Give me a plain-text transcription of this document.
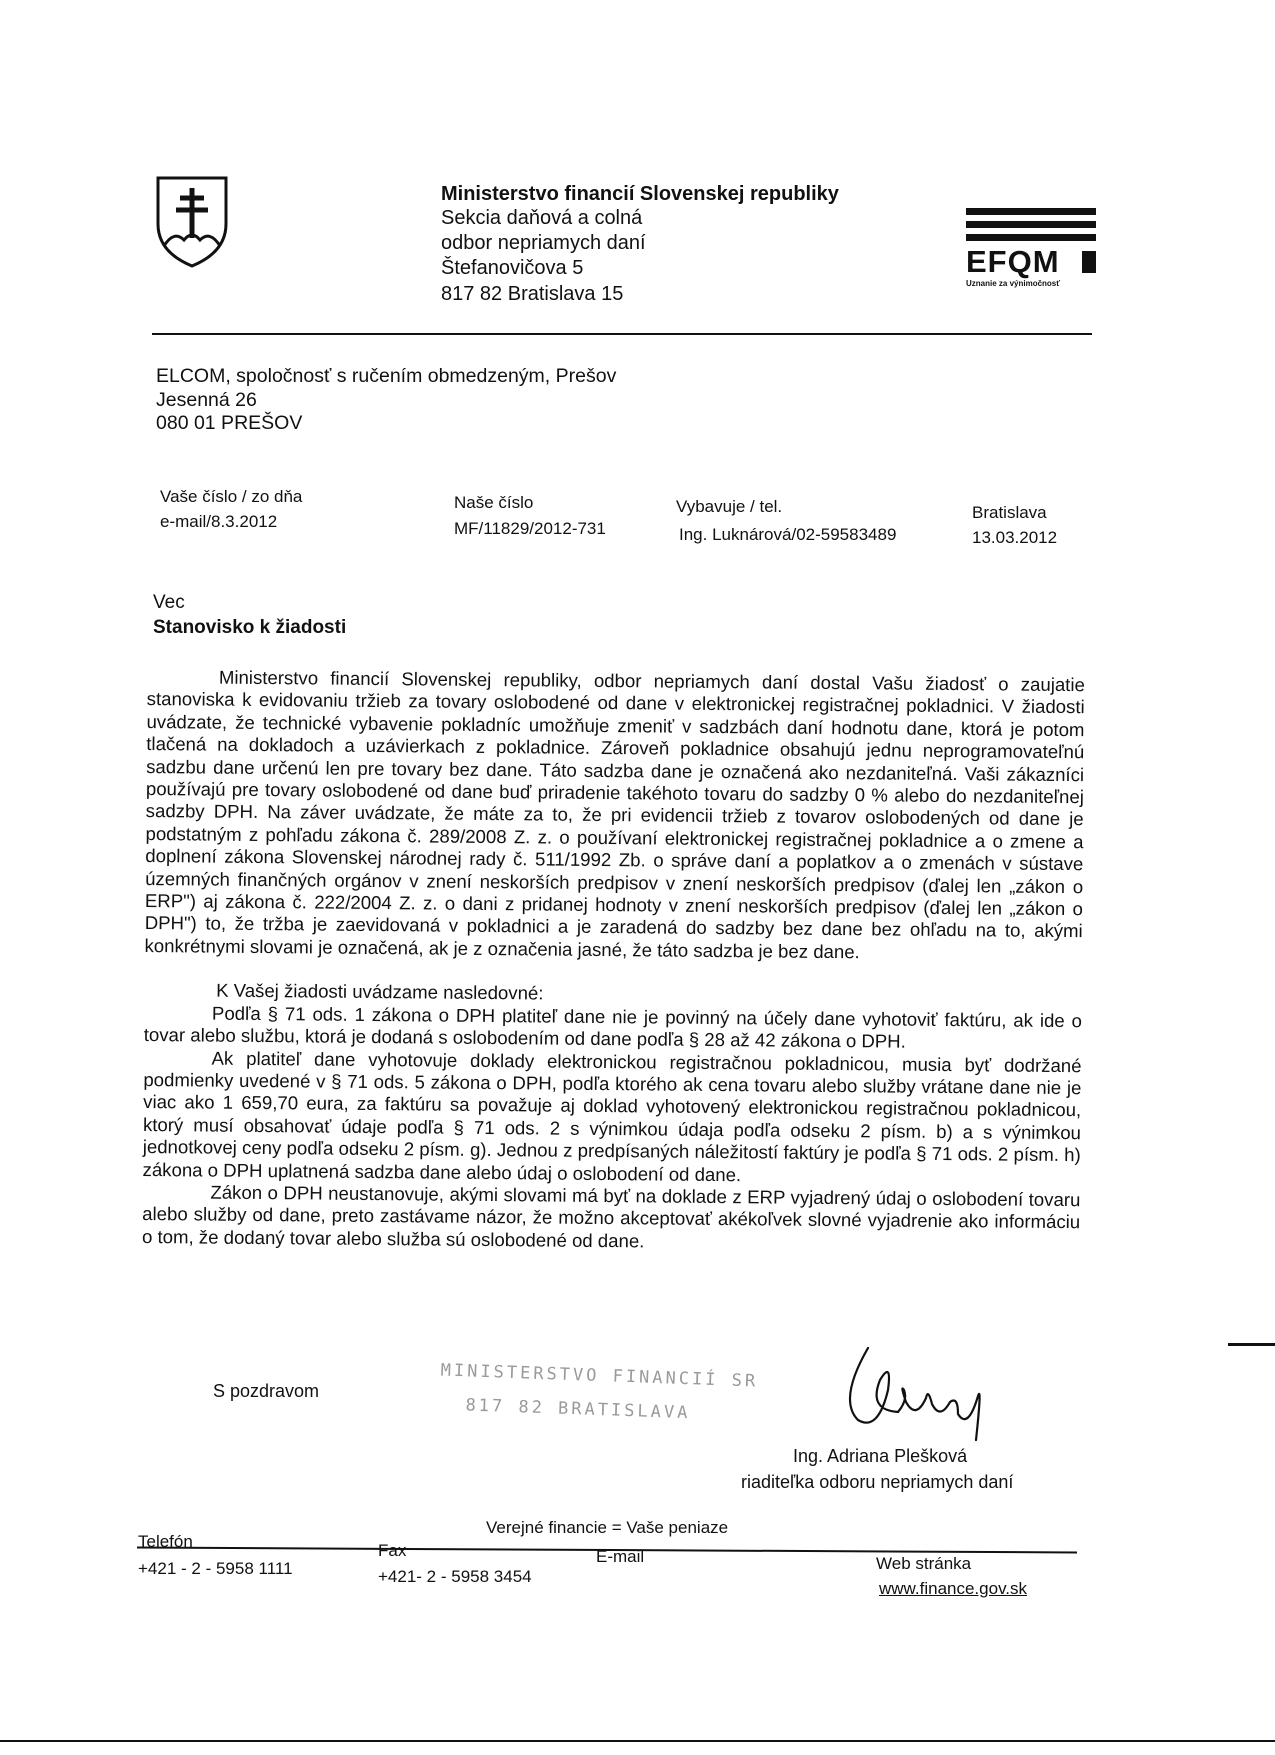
Ministerstvo financií Slovenskej republiky
Sekcia daňová a colná
odbor nepriamych daní
Štefanovičova 5
817 82 Bratislava 15
EFQM
Uznanie za výnimočnosť
ELCOM, spoločnosť s ručením obmedzeným, Prešov
Jesenná 26
080 01 PREŠOV
Vaše číslo / zo dňa
e-mail/8.3.2012
Naše číslo
MF/11829/2012-731
Vybavuje / tel.
Ing. Luknárová/02-59583489
Bratislava
13.03.2012
Vec
Stanovisko k žiadosti

Ministerstvo financií Slovenskej republiky, odbor nepriamych daní dostal Vašu žiadosť o zaujatie stanoviska k evidovaniu tržieb za tovary oslobodené od dane v elektronickej registračnej pokladnici. V žiadosti uvádzate, že technické vybavenie pokladníc umožňuje zmeniť v sadzbách daní hodnotu dane, ktorá je potom tlačená na dokladoch a uzávierkach z pokladnice. Zároveň pokladnice obsahujú jednu neprogramovateľnú sadzbu dane určenú len pre tovary bez dane. Táto sadzba dane je označená ako nezdaniteľná. Vaši zákazníci používajú pre tovary oslobodené od dane buď priradenie takéhoto tovaru do sadzby 0 % alebo do nezdaniteľnej sadzby DPH. Na záver uvádzate, že máte za to, že pri evidencii tržieb z tovarov oslobodených od dane je podstatným z pohľadu zákona č. 289/2008 Z. z. o používaní elektronickej registračnej pokladnice a o zmene a doplnení zákona Slovenskej národnej rady č. 511/1992 Zb. o správe daní a poplatkov a o zmenách v sústave územných finančných orgánov v znení neskorších predpisov v znení neskorších predpisov (ďalej len „zákon o ERP") aj zákona č. 222/2004 Z. z. o dani z pridanej hodnoty v znení neskorších predpisov (ďalej len „zákon o DPH") to, že tržba je zaevidovaná v pokladnici a je zaradená do sadzby bez dane bez ohľadu na to, akými konkrétnymi slovami je označená, ak je z označenia jasné, že táto sadzba je bez dane.

K Vašej žiadosti uvádzame nasledovné:

Podľa § 71 ods. 1 zákona o DPH platiteľ dane nie je povinný na účely dane vyhotoviť faktúru, ak ide o tovar alebo službu, ktorá je dodaná s oslobodením od dane podľa § 28 až 42 zákona o DPH.

Ak platiteľ dane vyhotovuje doklady elektronickou registračnou pokladnicou, musia byť dodržané podmienky uvedené v § 71 ods. 5 zákona o DPH, podľa ktorého ak cena tovaru alebo služby vrátane dane nie je viac ako 1 659,70 eura, za faktúru sa považuje aj doklad vyhotovený elektronickou registračnou pokladnicou, ktorý musí obsahovať údaje podľa § 71 ods. 2 s výnimkou údaja podľa odseku 2 písm. b) a s výnimkou jednotkovej ceny podľa odseku 2 písm. g). Jednou z predpísaných náležitostí faktúry je podľa § 71 ods. 2 písm. h) zákona o DPH uplatnená sadzba dane alebo údaj o oslobodení od dane.

Zákon o DPH neustanovuje, akými slovami má byť na doklade z ERP vyjadrený údaj o oslobodení tovaru alebo služby od dane, preto zastávame názor, že možno akceptovať akékoľvek slovné vyjadrenie ako informáciu o tom, že dodaný tovar alebo služba sú oslobodené od dane.

S pozdravom	MINISTERSTVO FINANCIÍ SR
817 82 BRATISLAVA
Ing. Adriana Plešková
riaditeľka odboru nepriamych daní
Verejné financie = Vaše peniaze
Telefón
+421 - 2 - 5958 1111
Fax
+421- 2 - 5958 3454
E-mail	Web stránka
www.finance.gov.sk
